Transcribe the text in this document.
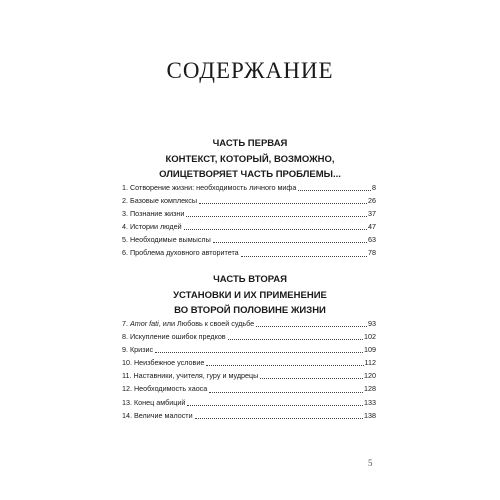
СОДЕРЖАНИЕ
ЧАСТЬ ПЕРВАЯ
КОНТЕКСТ, КОТОРЫЙ, ВОЗМОЖНО,
ОЛИЦЕТВОРЯЕТ ЧАСТЬ ПРОБЛЕМЫ...
1. Сотворение жизни: необходимость личного мифа	8
2. Базовые комплексы	26
3. Познание жизни	37
4. Истории людей	47
5. Необходимые вымыслы	63
6. Проблема духовного авторитета	78
ЧАСТЬ ВТОРАЯ
УСТАНОВКИ И ИХ ПРИМЕНЕНИЕ
ВО ВТОРОЙ ПОЛОВИНЕ ЖИЗНИ
7. Amor fati, или Любовь к своей судьбе	93
8. Искупление ошибок предков	102
9. Кризис	109
10. Неизбежное условие	112
11. Наставники, учителя, гуру и мудрецы	120
12. Необходимость хаоса	128
13. Конец амбиций	133
14. Величие малости	138
5
